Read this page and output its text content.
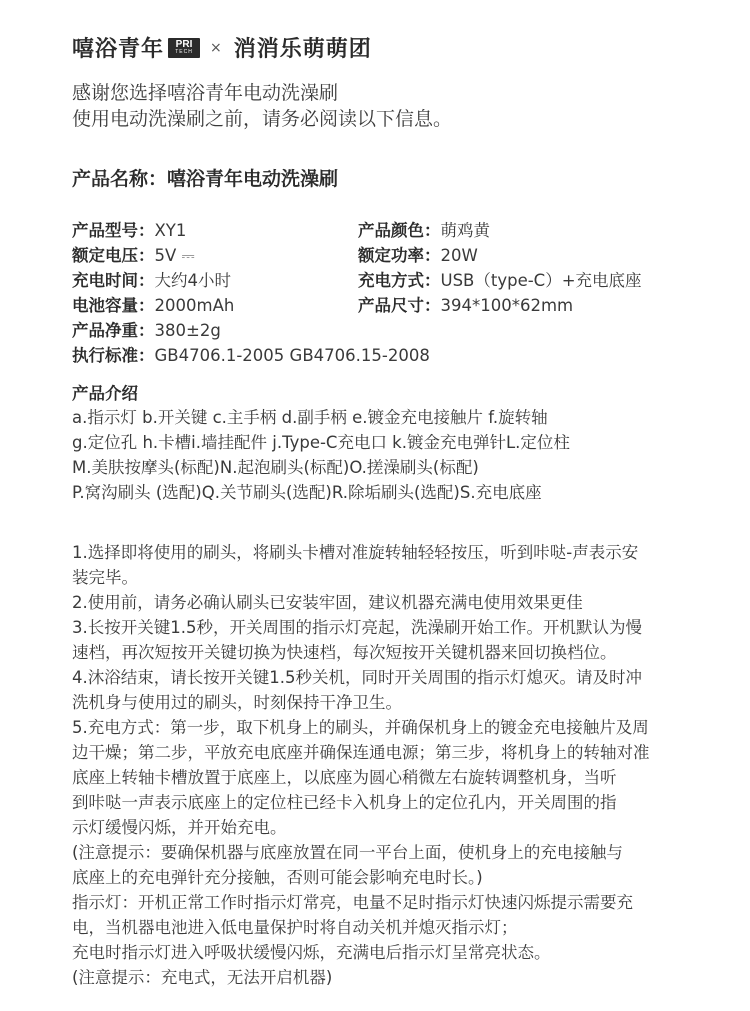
嘻浴青年 PRI
TECH × 消消乐萌萌团
感谢您选择嘻浴青年电动洗澡刷
使用电动洗澡刷之前，请务必阅读以下信息。
产品名称：嘻浴青年电动洗澡刷
产品型号：XY1	产品颜色：萌鸡黄
额定电压：5V ⎓	额定功率：20W
充电时间：大约4小时	充电方式：USB（type-C）+充电底座
电池容量：2000mAh	产品尺寸：394*100*62mm
产品净重：380±2g
执行标准：GB4706.1-2005 GB4706.15-2008
产品介绍
a.指示灯 b.开关键 c.主手柄 d.副手柄 e.镀金充电接触片 f.旋转轴
g.定位孔 h.卡槽i.墙挂配件 j.Type-C充电口 k.镀金充电弹针L.定位柱
M.美肤按摩头(标配)N.起泡刷头(标配)O.搓澡刷头(标配)
P.窝沟刷头 (选配)Q.关节刷头(选配)R.除垢刷头(选配)S.充电底座
1.选择即将使用的刷头，将刷头卡槽对准旋转轴轻轻按压，听到咔哒-声表示安
装完毕。
2.使用前，请务必确认刷头已安装牢固，建议机器充满电使用效果更佳
3.长按开关键1.5秒，开关周围的指示灯亮起，洗澡刷开始工作。开机默认为慢
速档，再次短按开关键切换为快速档，每次短按开关键机器来回切换档位。
4.沐浴结束，请长按开关键1.5秒关机，同时开关周围的指示灯熄灭。请及时冲
洗机身与使用过的刷头，时刻保持干净卫生。
5.充电方式：第一步，取下机身上的刷头，并确保机身上的镀金充电接触片及周
边干燥；第二步，平放充电底座并确保连通电源；第三步，将机身上的转轴对准
底座上转轴卡槽放置于底座上，以底座为圆心稍微左右旋转调整机身，当听
到咔哒一声表示底座上的定位柱已经卡入机身上的定位孔内，开关周围的指
示灯缓慢闪烁，并开始充电。
(注意提示：要确保机器与底座放置在同一平台上面，使机身上的充电接触与
底座上的充电弹针充分接触，否则可能会影响充电时长。)
指示灯：开机正常工作时指示灯常亮，电量不足时指示灯快速闪烁提示需要充
电，当机器电池进入低电量保护时将自动关机并熄灭指示灯；
充电时指示灯进入呼吸状缓慢闪烁，充满电后指示灯呈常亮状态。
(注意提示：充电式，无法开启机器)
